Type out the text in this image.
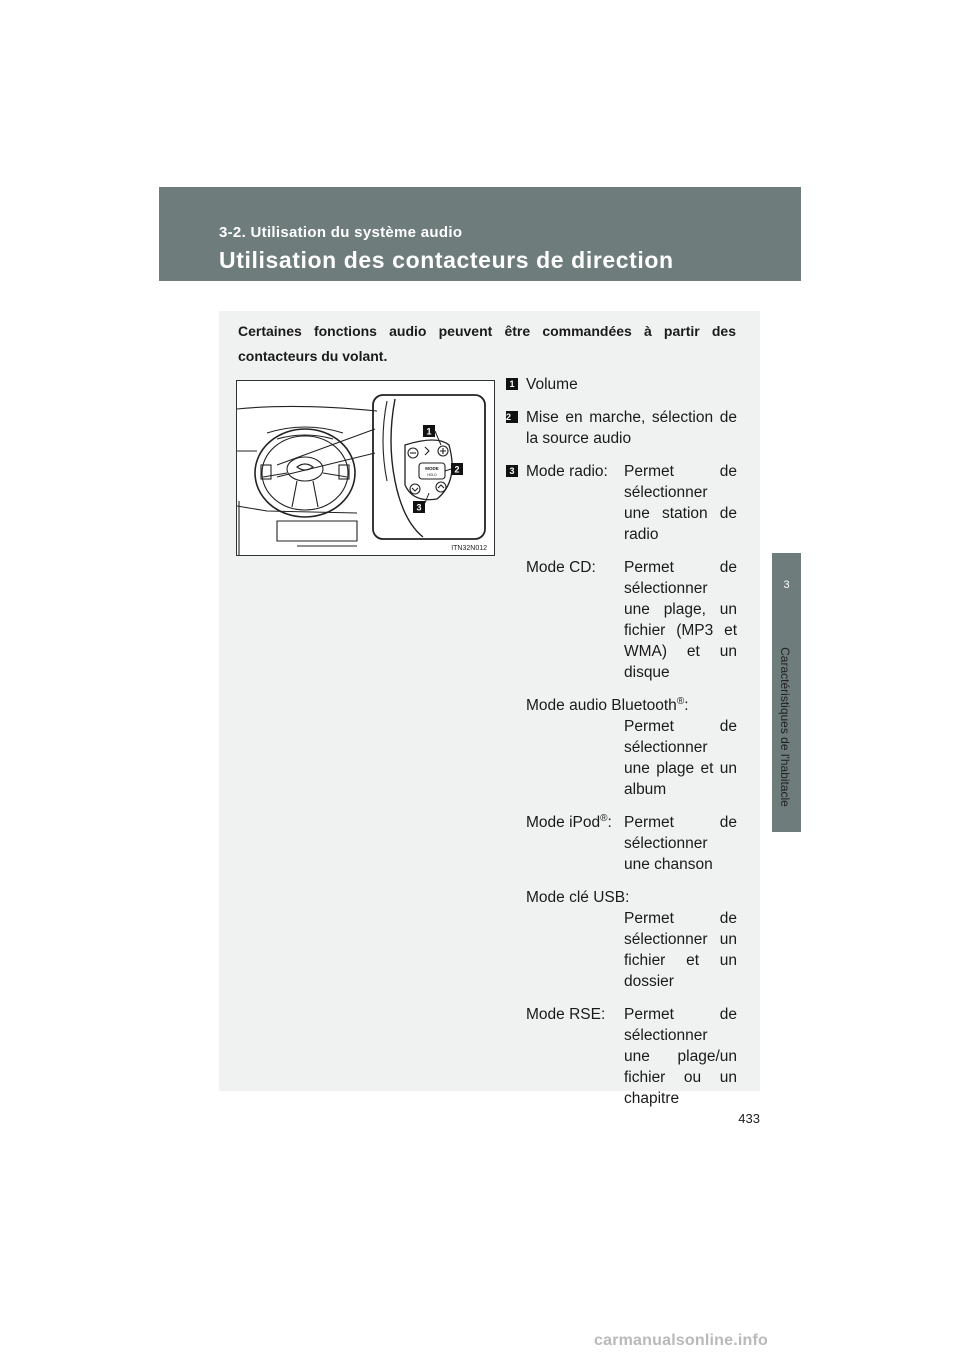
3-2. Utilisation du système audio
Utilisation des contacteurs de direction
3
Caractéristiques de l'habitacle
Certaines fonctions audio peuvent être commandées à partir des contacteurs du volant.
1
2
3
MODE
HOLD
ITN32N012
1 Volume
2 Mise en marche, sélection de la source audio
3 Mode radio:	Permet de sélectionner une station de radio
Mode CD:	Permet de sélectionner une plage, un fichier (MP3 et WMA) et un disque
Mode audio Bluetooth®:
Permet de sélectionner une plage et un album
Mode iPod®: Permet de sélectionner une chanson
Mode clé USB:
Permet de sélectionner un fichier et un dossier
Mode RSE:	Permet de sélectionner une plage/un fichier ou un chapitre
433
carmanualsonline.info
